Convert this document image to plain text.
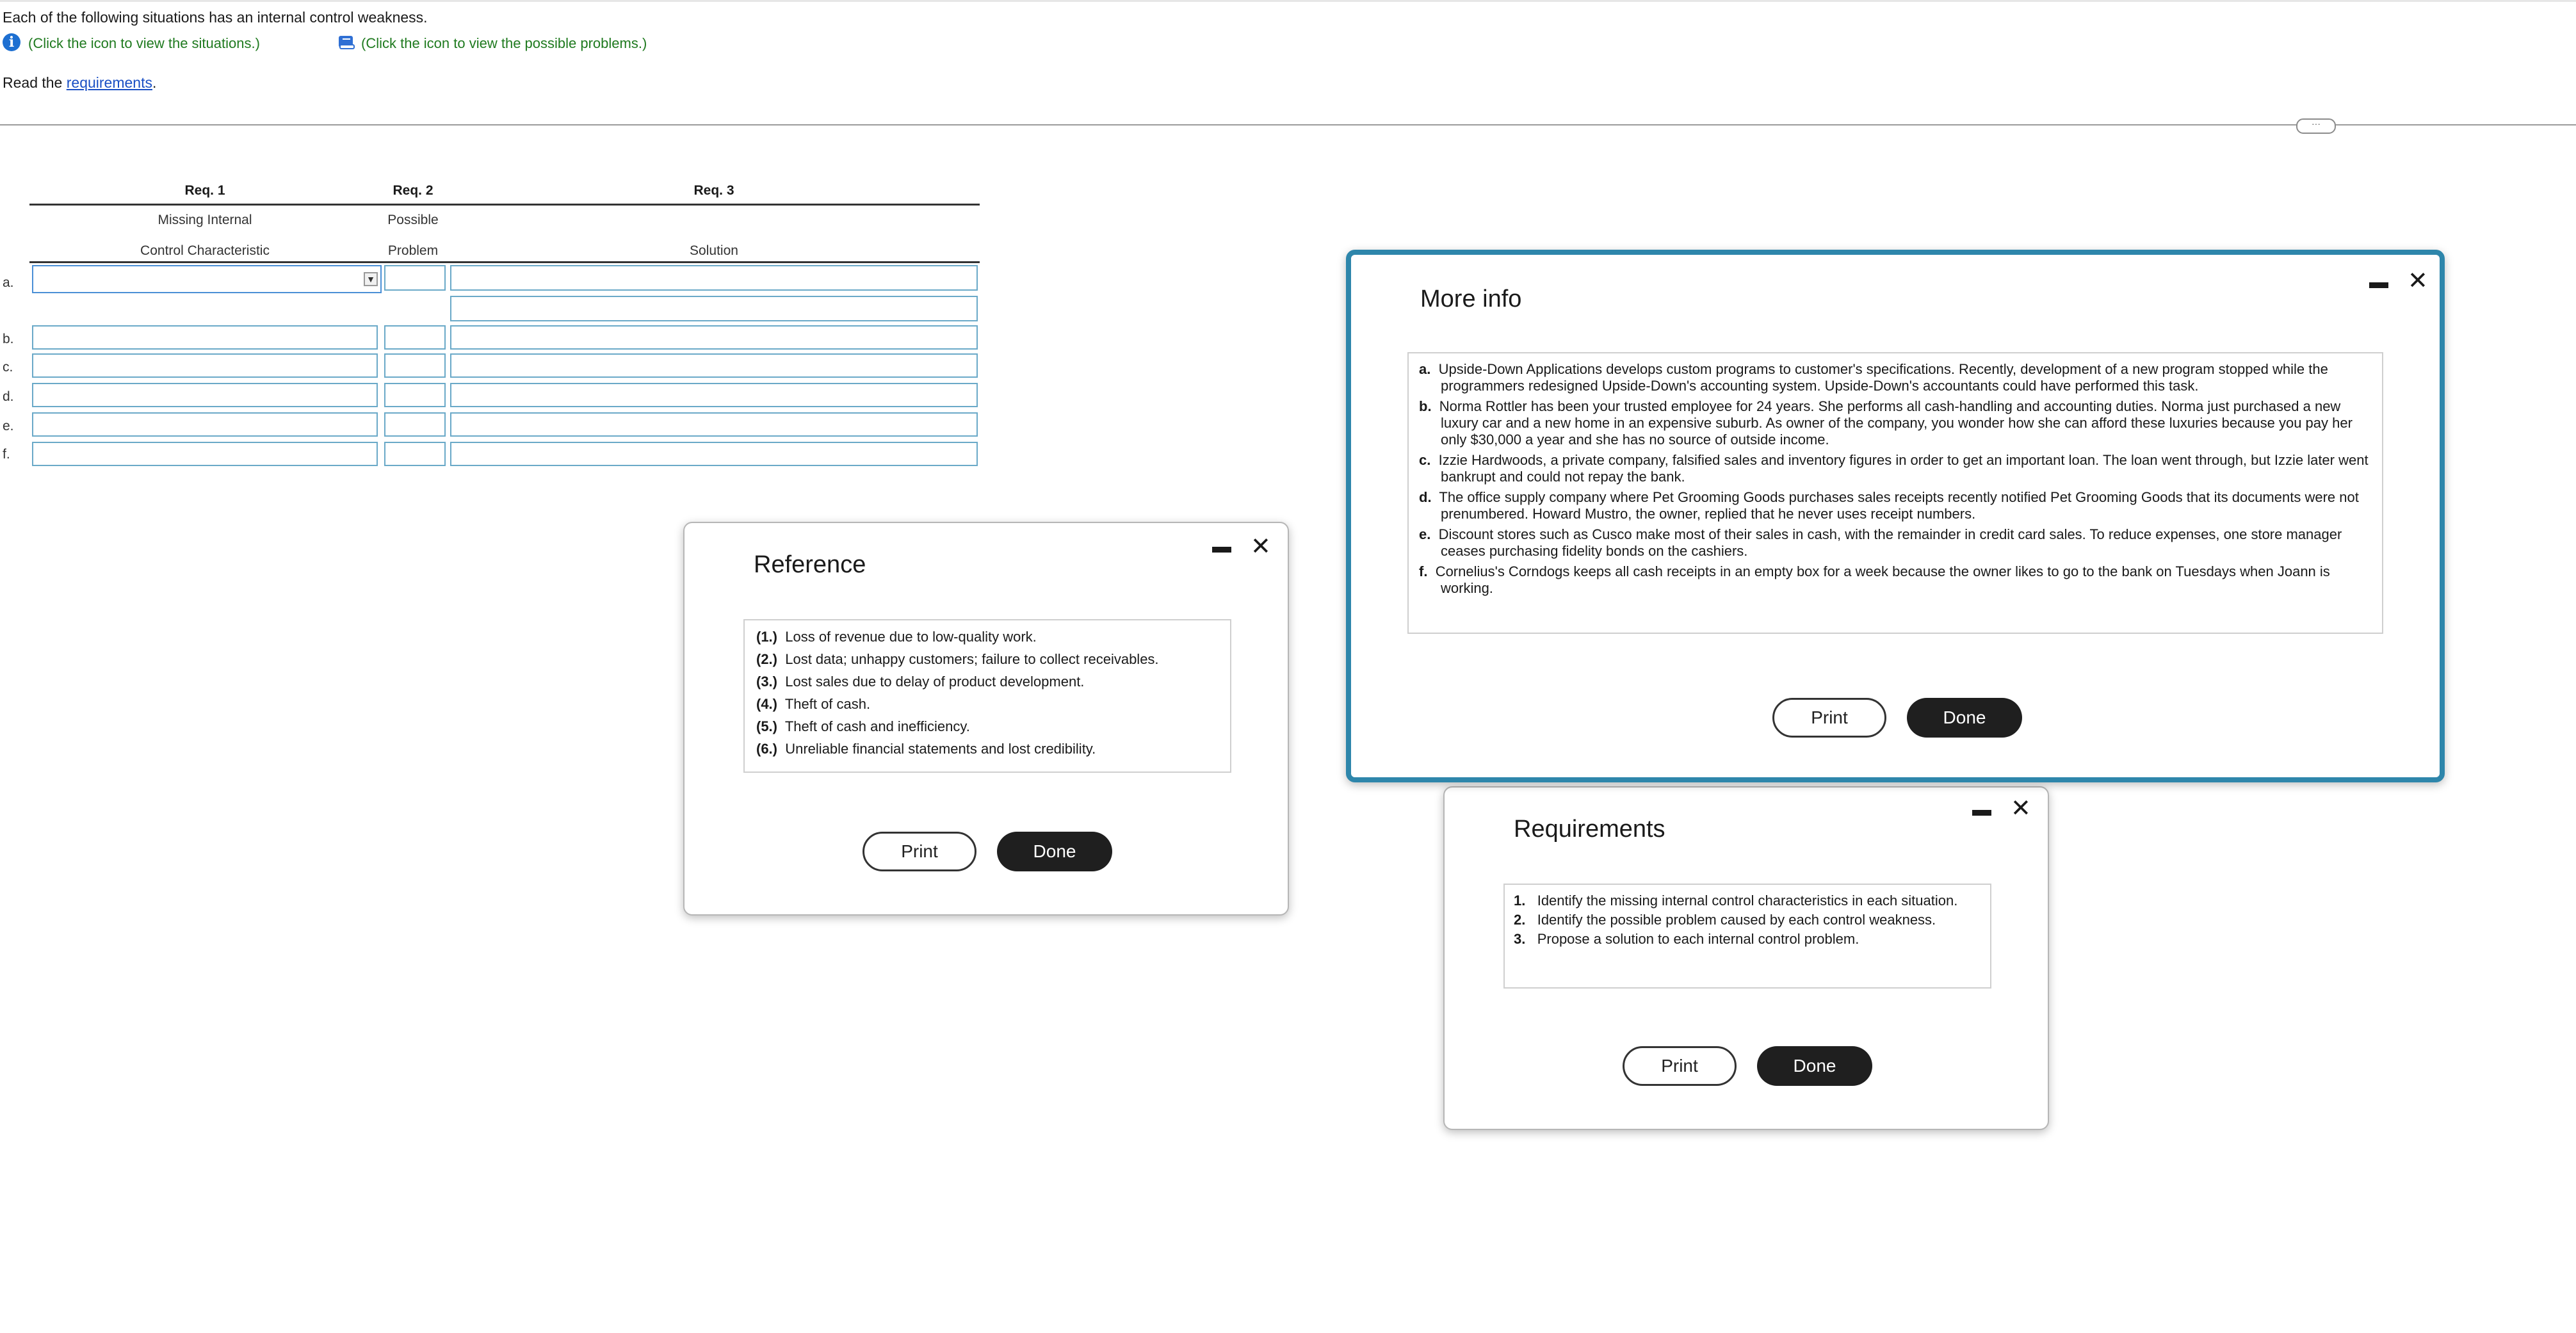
Each of the following situations has an internal control weakness.
i (Click the icon to view the situations.)	(Click the icon to view the possible problems.)
Read the requirements.
···
Req. 1	Req. 2	Req. 3
Missing Internal	Possible
Control Characteristic	Problem	Solution
a.
b.
c.
d.
e.
f.
▼
Reference
▬ ✕
(1.) Loss of revenue due to low-quality work.
(2.) Lost data; unhappy customers; failure to collect receivables.
(3.) Lost sales due to delay of product development.
(4.) Theft of cash.
(5.) Theft of cash and inefficiency.
(6.) Unreliable financial statements and lost credibility.
Print	Done
Requirements
▬ ✕
1. Identify the missing internal control characteristics in each situation.
2. Identify the possible problem caused by each control weakness.
3. Propose a solution to each internal control problem.
Print	Done
More info
▬ ✕
a. Upside-Down Applications develops custom programs to customer's specifications. Recently, development of a new program stopped while the programmers redesigned Upside-Down's accounting system. Upside-Down's accountants could have performed this task.
b. Norma Rottler has been your trusted employee for 24 years. She performs all cash-handling and accounting duties. Norma just purchased a new luxury car and a new home in an expensive suburb. As owner of the company, you wonder how she can afford these luxuries because you pay her only $30,000 a year and she has no source of outside income.
c. Izzie Hardwoods, a private company, falsified sales and inventory figures in order to get an important loan. The loan went through, but Izzie later went bankrupt and could not repay the bank.
d. The office supply company where Pet Grooming Goods purchases sales receipts recently notified Pet Grooming Goods that its documents were not prenumbered. Howard Mustro, the owner, replied that he never uses receipt numbers.
e. Discount stores such as Cusco make most of their sales in cash, with the remainder in credit card sales. To reduce expenses, one store manager ceases purchasing fidelity bonds on the cashiers.
f. Cornelius's Corndogs keeps all cash receipts in an empty box for a week because the owner likes to go to the bank on Tuesdays when Joann is working.
Print	Done
